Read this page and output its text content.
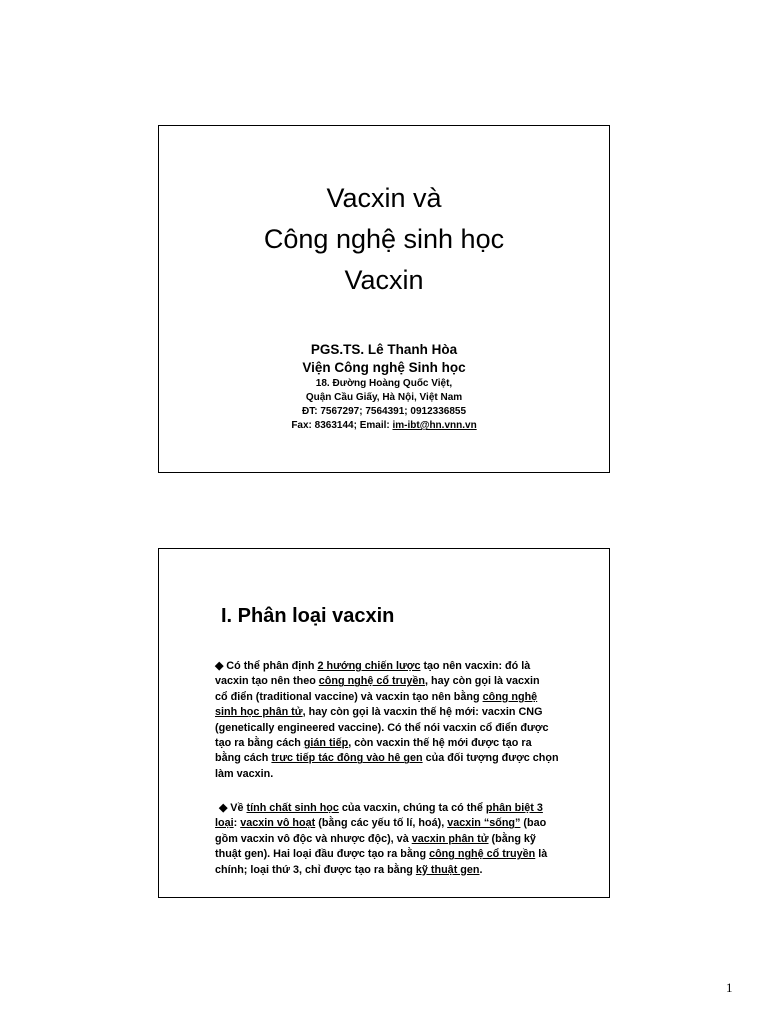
Vacxin và
Công nghệ sinh học
Vacxin
PGS.TS. Lê Thanh Hòa
Viện Công nghệ Sinh học
18. Đường Hoàng Quốc Việt,
Quận Cầu Giấy, Hà Nội, Việt Nam
ĐT: 7567297; 7564391; 0912336855
Fax: 8363144; Email: im-ibt@hn.vnn.vn
I. Phân loại vacxin
◆ Có thể phân định 2 hướng chiến lược tạo nên vacxin: đó là
vacxin tạo nên theo công nghệ cổ truyền, hay còn gọi là vacxin
cổ điển (traditional vaccine) và vacxin tạo nên bằng công nghệ
sinh học phân tử, hay còn gọi là vacxin thế hệ mới: vacxin CNG
(genetically engineered vaccine). Có thể nói vacxin cổ điển được
tạo ra bằng cách gián tiếp, còn vacxin thế hệ mới được tạo ra
bằng cách trực tiếp tác động vào hệ gen của đối tượng được chọn
làm vacxin.
◆ Về tính chất sinh học của vacxin, chúng ta có thể phân biệt 3
loại: vacxin vô hoạt (bằng các yếu tố lí, hoá), vacxin “sống” (bao
gồm vacxin vô độc và nhược độc), và vacxin phân tử (bằng kỹ
thuật gen). Hai loại đầu được tạo ra bằng công nghệ cổ truyền là
chính; loại thứ 3, chỉ được tạo ra bằng kỹ thuật gen.
1
